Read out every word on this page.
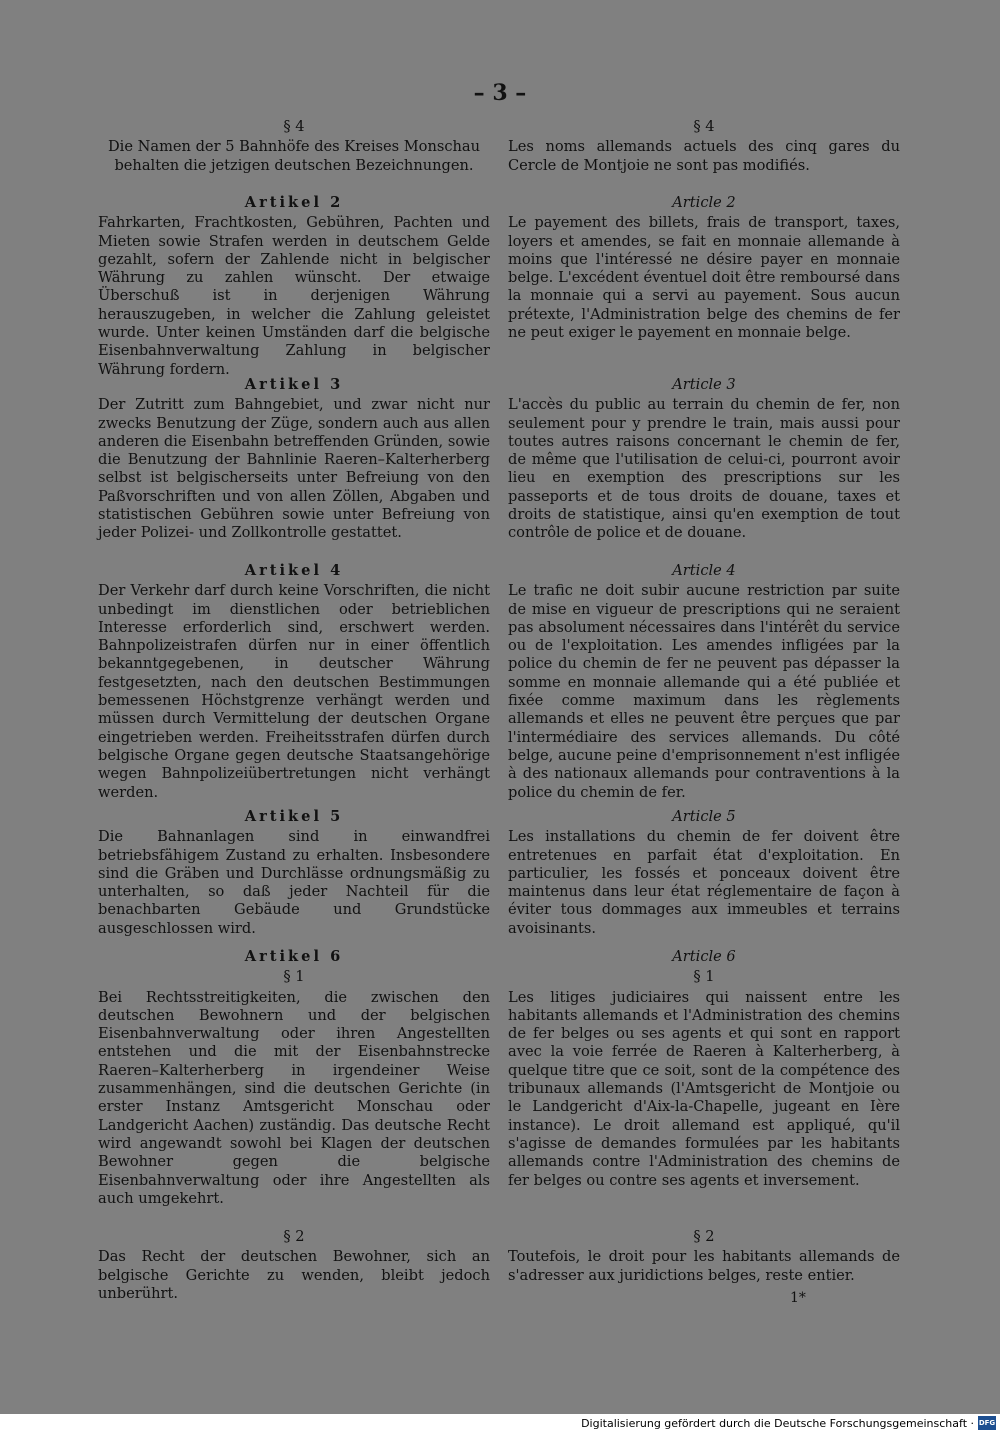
– 3 –
§ 4

Die Namen der 5 Bahnhöfe des Kreises Monschau behalten die jetzigen deutschen Bezeichnungen.

Artikel 2

Fahrkarten, Frachtkosten, Gebühren, Pachten und Mieten sowie Strafen werden in deutschem Gelde gezahlt, sofern der Zahlende nicht in belgischer Währung zu zahlen wünscht. Der etwaige Überschuß ist in derjenigen Währung herauszugeben, in welcher die Zahlung geleistet wurde. Unter keinen Umständen darf die belgische Eisenbahnverwaltung Zahlung in belgischer Währung fordern.

Artikel 3

Der Zutritt zum Bahngebiet, und zwar nicht nur zwecks Benutzung der Züge, sondern auch aus allen anderen die Eisenbahn betreffenden Gründen, sowie die Benutzung der Bahnlinie Raeren–Kalterherberg selbst ist belgischerseits unter Befreiung von den Paßvorschriften und von allen Zöllen, Abgaben und statistischen Gebühren sowie unter Befreiung von jeder Polizei- und Zollkontrolle gestattet.

Artikel 4

Der Verkehr darf durch keine Vorschriften, die nicht unbedingt im dienstlichen oder betrieblichen Interesse erforderlich sind, erschwert werden. Bahnpolizeistrafen dürfen nur in einer öffentlich bekanntgegebenen, in deutscher Währung festgesetzten, nach den deutschen Bestimmungen bemessenen Höchstgrenze verhängt werden und müssen durch Vermittelung der deutschen Organe eingetrieben werden. Freiheitsstrafen dürfen durch belgische Organe gegen deutsche Staatsangehörige wegen Bahnpolizeiübertretungen nicht verhängt werden.

Artikel 5

Die Bahnanlagen sind in einwandfrei betriebsfähigem Zustand zu erhalten. Insbesondere sind die Gräben und Durchlässe ordnungsmäßig zu unterhalten, so daß jeder Nachteil für die benachbarten Gebäude und Grundstücke ausgeschlossen wird.

Artikel 6
§ 1

Bei Rechtsstreitigkeiten, die zwischen den deutschen Bewohnern und der belgischen Eisenbahnverwaltung oder ihren Angestellten entstehen und die mit der Eisenbahnstrecke Raeren–Kalterherberg in irgendeiner Weise zusammenhängen, sind die deutschen Gerichte (in erster Instanz Amtsgericht Monschau oder Landgericht Aachen) zuständig. Das deutsche Recht wird angewandt sowohl bei Klagen der deutschen Bewohner gegen die belgische Eisenbahnverwaltung oder ihre Angestellten als auch umgekehrt.

§ 2

Das Recht der deutschen Bewohner, sich an belgische Gerichte zu wenden, bleibt jedoch unberührt.

§ 4

Les noms allemands actuels des cinq gares du Cercle de Montjoie ne sont pas modifiés.

Article 2

Le payement des billets, frais de transport, taxes, loyers et amendes, se fait en monnaie allemande à moins que l'intéressé ne désire payer en monnaie belge. L'excédent éventuel doit être remboursé dans la monnaie qui a servi au payement. Sous aucun prétexte, l'Administration belge des chemins de fer ne peut exiger le payement en monnaie belge.

Article 3

L'accès du public au terrain du chemin de fer, non seulement pour y prendre le train, mais aussi pour toutes autres raisons concernant le chemin de fer, de même que l'utilisation de celui-ci, pourront avoir lieu en exemption des prescriptions sur les passeports et de tous droits de douane, taxes et droits de statistique, ainsi qu'en exemption de tout contrôle de police et de douane.

Article 4

Le trafic ne doit subir aucune restriction par suite de mise en vigueur de prescriptions qui ne seraient pas absolument nécessaires dans l'intérêt du service ou de l'exploitation. Les amendes infligées par la police du chemin de fer ne peuvent pas dépasser la somme en monnaie allemande qui a été publiée et fixée comme maximum dans les règlements allemands et elles ne peuvent être perçues que par l'intermédiaire des services allemands. Du côté belge, aucune peine d'emprisonnement n'est infligée à des nationaux allemands pour contraventions à la police du chemin de fer.

Article 5

Les installations du chemin de fer doivent être entretenues en parfait état d'exploitation. En particulier, les fossés et ponceaux doivent être maintenus dans leur état réglementaire de façon à éviter tous dommages aux immeubles et terrains avoisinants.

Article 6
§ 1

Les litiges judiciaires qui naissent entre les habitants allemands et l'Administration des chemins de fer belges ou ses agents et qui sont en rapport avec la voie ferrée de Raeren à Kalterherberg, à quelque titre que ce soit, sont de la compétence des tribunaux allemands (l'Amtsgericht de Montjoie ou le Landgericht d'Aix-la-Chapelle, jugeant en Ière instance). Le droit allemand est appliqué, qu'il s'agisse de demandes formulées par les habitants allemands contre l'Administration des chemins de fer belges ou contre ses agents et inversement.

§ 2

Toutefois, le droit pour les habitants allemands de s'adresser aux juridictions belges, reste entier.

1*
Digitalisierung gefördert durch die Deutsche Forschungsgemeinschaft · DFG
